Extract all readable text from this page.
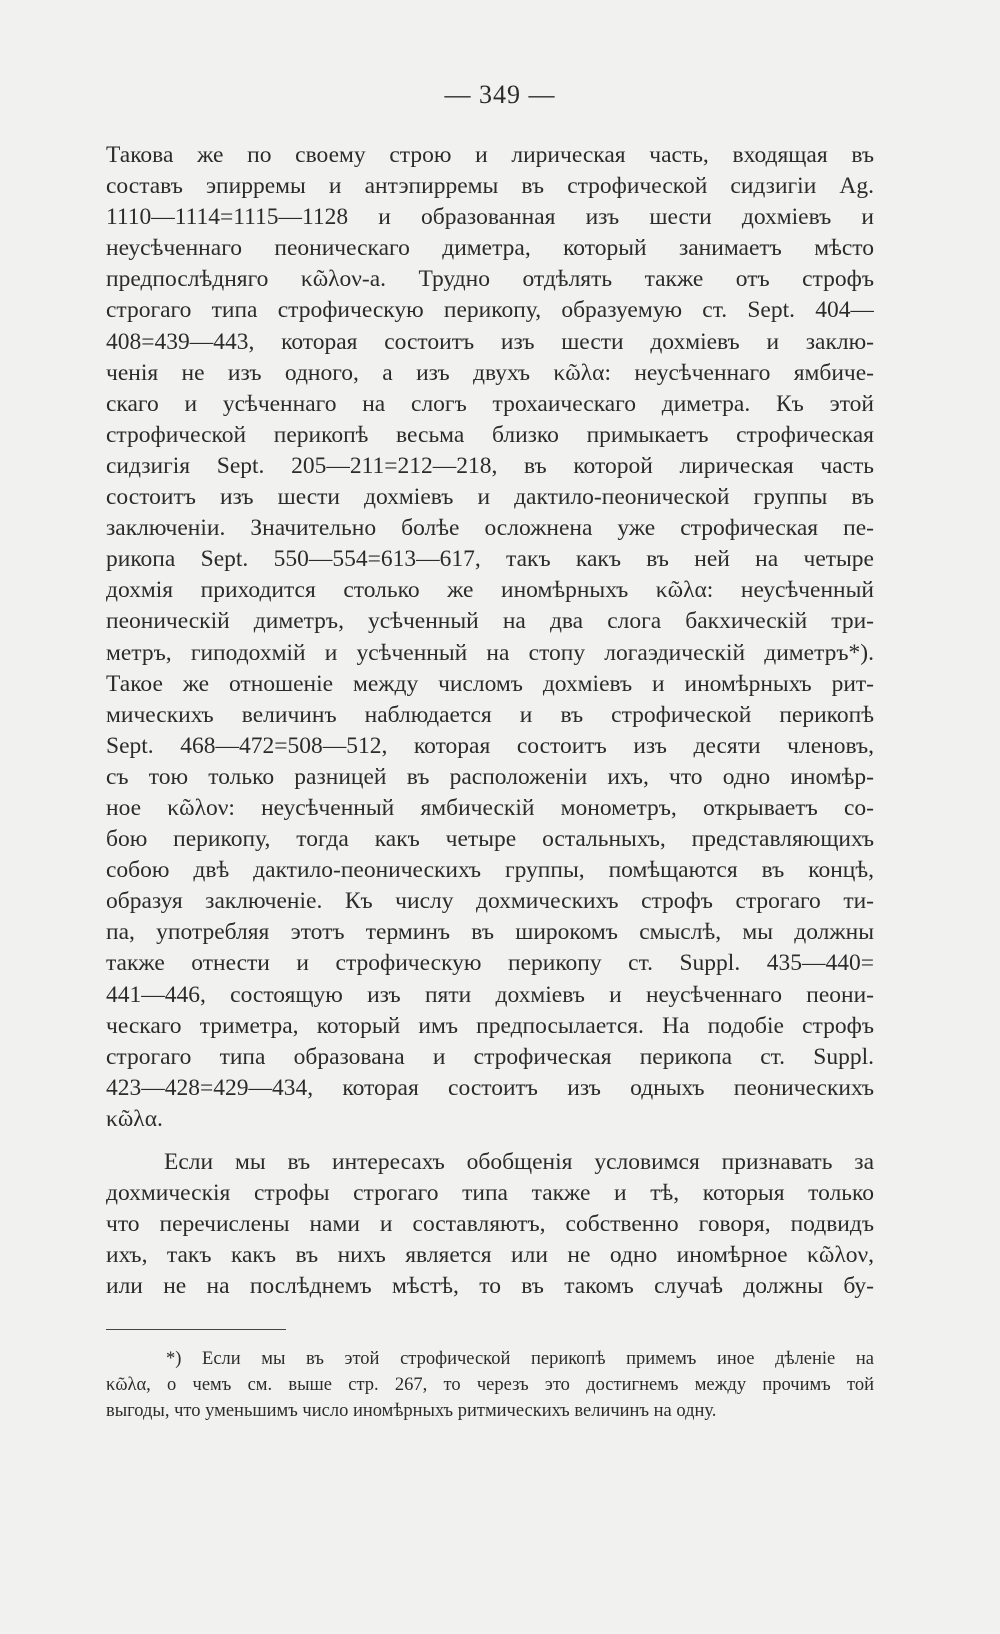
— 349 —
Такова же по своему строю и лирическая часть, входящая въ
составъ эпирремы и антэпирремы въ строфической сидзигіи Ag.
1110—1114=1115—1128 и образованная изъ шести дохміевъ и
неусѣченнаго пеоническаго диметра, который занимаетъ мѣсто
предпослѣдняго κῶλον-а. Трудно отдѣлять также отъ строфъ
строгаго типа строфическую перикопу, образуемую ст. Sept. 404—
408=439—443, которая состоитъ изъ шести дохміевъ и заклю-
ченія не изъ одного, а изъ двухъ κῶλα: неусѣченнаго ямбиче-
скаго и усѣченнаго на слогъ трохаическаго диметра. Къ этой
строфической перикопѣ весьма близко примыкаетъ строфическая
сидзигія Sept. 205—211=212—218, въ которой лирическая часть
состоитъ изъ шести дохміевъ и дактило-пеонической группы въ
заключеніи. Значительно болѣе осложнена уже строфическая пе-
рикопа Sept. 550—554=613—617, такъ какъ въ ней на четыре
дохмія приходится столько же иномѣрныхъ κῶλα: неусѣченный
пеоническій диметръ, усѣченный на два слога бакхическій три-
метръ, гиподохмій и усѣченный на стопу логаэдическій диметръ*).
Такое же отношеніе между числомъ дохміевъ и иномѣрныхъ рит-
мическихъ величинъ наблюдается и въ строфической перикопѣ
Sept. 468—472=508—512, которая состоитъ изъ десяти членовъ,
съ тою только разницей въ расположеніи ихъ, что одно иномѣр-
ное κῶλον: неусѣченный ямбическій монометръ, открываетъ со-
бою перикопу, тогда какъ четыре остальныхъ, представляющихъ
собою двѣ дактило-пеоническихъ группы, помѣщаются въ концѣ,
образуя заключеніе. Къ числу дохмическихъ строфъ строгаго ти-
па, употребляя этотъ терминъ въ широкомъ смыслѣ, мы должны
также отнести и строфическую перикопу ст. Suppl. 435—440=
441—446, состоящую изъ пяти дохміевъ и неусѣченнаго пеони-
ческаго триметра, который имъ предпосылается. На подобіе строфъ
строгаго типа образована и строфическая перикопа ст. Suppl.
423—428=429—434, которая состоитъ изъ одныхъ пеоническихъ
κῶλα.
Если мы въ интересахъ обобщенія условимся признавать за
дохмическія строфы строгаго типа также и тѣ, которыя только
что перечислены нами и составляютъ, собственно говоря, подвидъ
ихъ, такъ какъ въ нихъ является или не одно иномѣрное κῶλον,
или не на послѣднемъ мѣстѣ, то въ такомъ случаѣ должны бу-
*) Если мы въ этой строфической перикопѣ примемъ иное дѣленіе на
κῶλα, о чемъ см. выше стр. 267, то черезъ это достигнемъ между прочимъ той
выгоды, что уменьшимъ число иномѣрныхъ ритмическихъ величинъ на одну.
